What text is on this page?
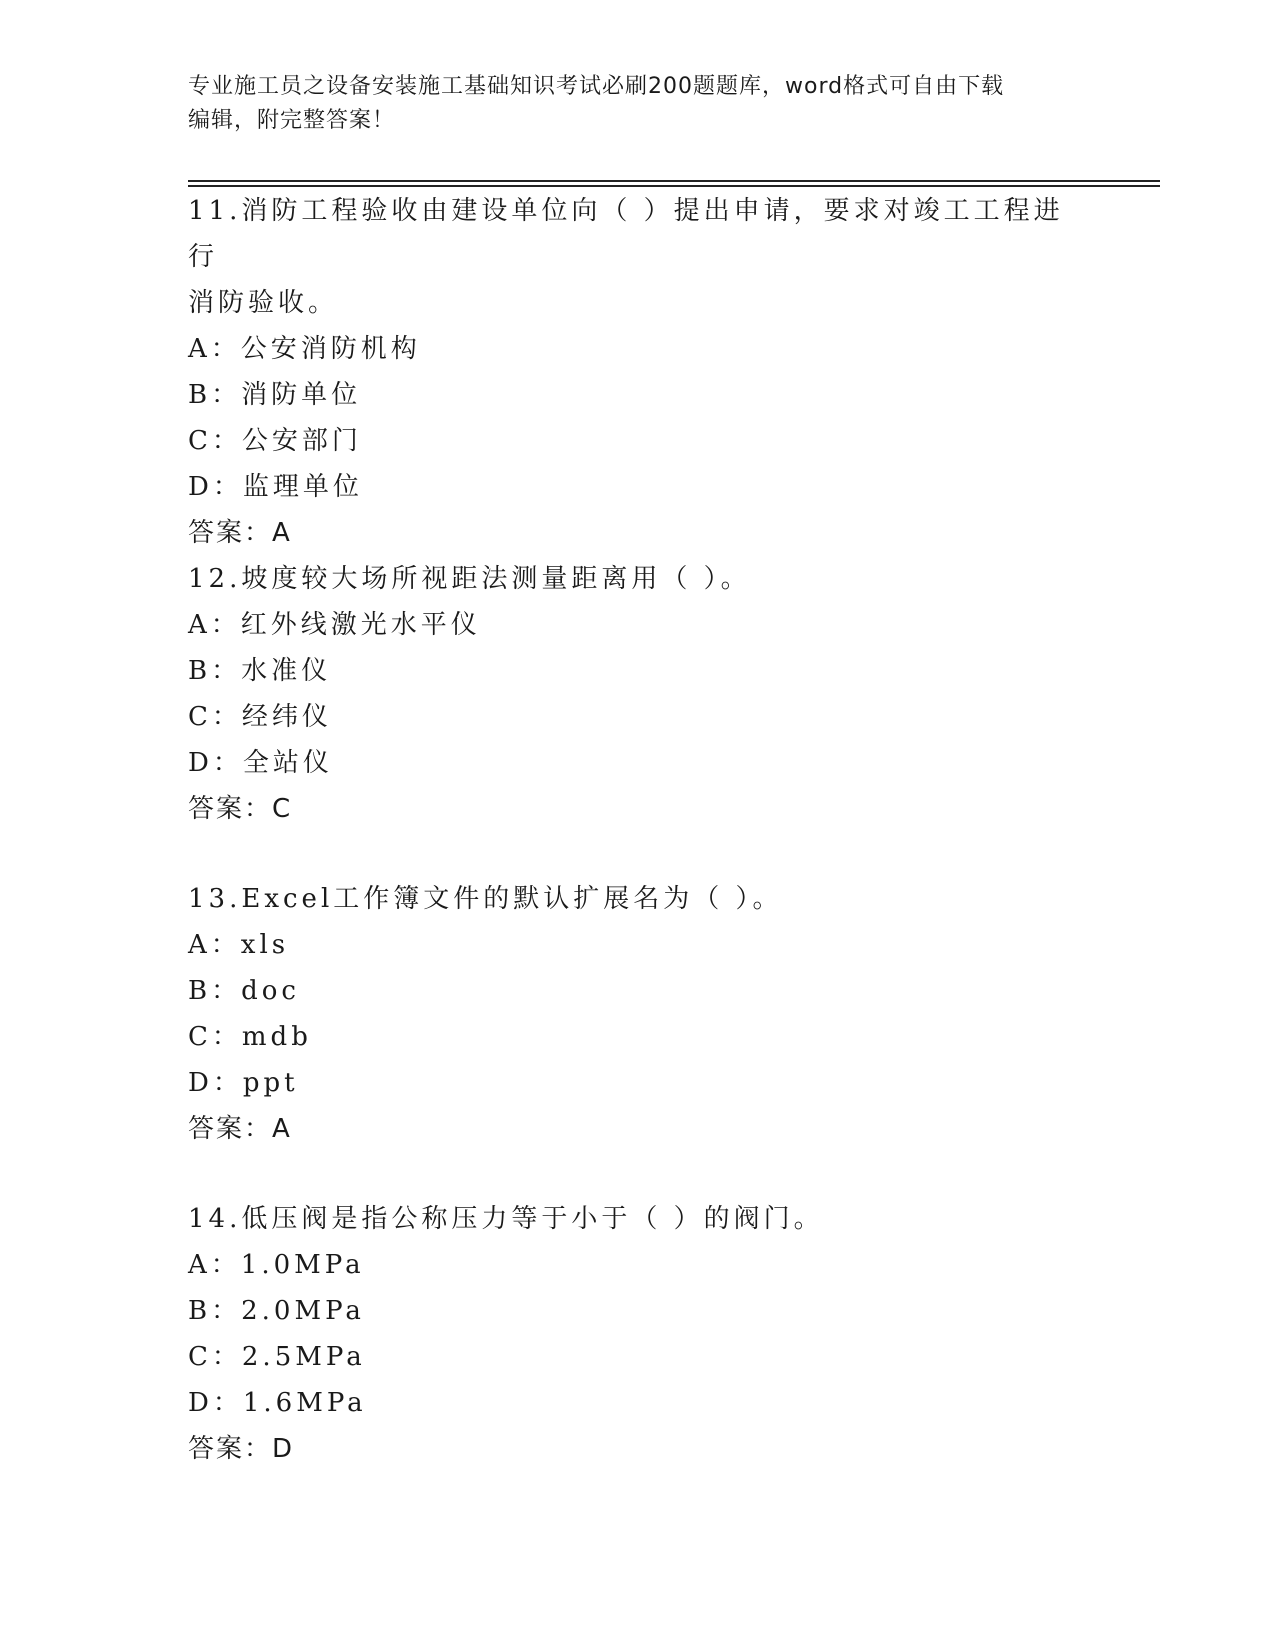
专业施工员之设备安装施工基础知识考试必刷200题题库，word格式可自由下载
编辑，附完整答案！
11.消防工程验收由建设单位向（ ）提出申请，要求对竣工工程进行
消防验收。
A：公安消防机构
B：消防单位
C：公安部门
D：监理单位
答案：A
12.坡度较大场所视距法测量距离用（ ）。
A：红外线激光水平仪
B：水准仪
C：经纬仪
D：全站仪
答案：C
13.Excel工作簿文件的默认扩展名为（ ）。
A：xls
B：doc
C：mdb
D：ppt
答案：A
14.低压阀是指公称压力等于小于（ ）的阀门。
A：1.0MPa
B：2.0MPa
C：2.5MPa
D：1.6MPa
答案：D
